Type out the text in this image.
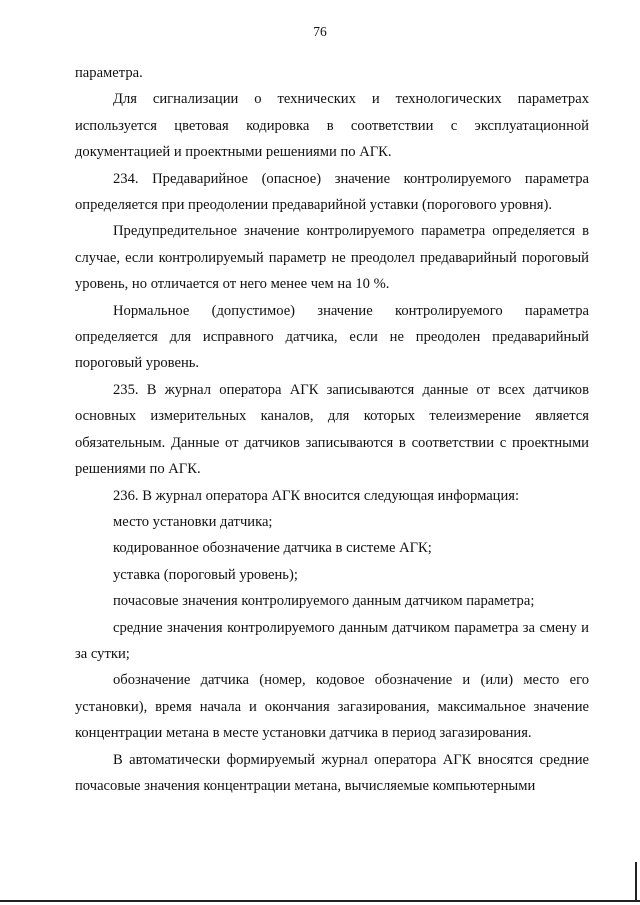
76

параметра.

Для сигнализации о технических и технологических параметрах используется цветовая кодировка в соответствии с эксплуатационной документацией и проектными решениями по АГК.

234. Предаварийное (опасное) значение контролируемого параметра определяется при преодолении предаварийной уставки (порогового уровня).

Предупредительное значение контролируемого параметра определяется в случае, если контролируемый параметр не преодолел предаварийный пороговый уровень, но отличается от него менее чем на 10 %.

Нормальное (допустимое) значение контролируемого параметра определяется для исправного датчика, если не преодолен предаварийный пороговый уровень.

235. В журнал оператора АГК записываются данные от всех датчиков основных измерительных каналов, для которых телеизмерение является обязательным. Данные от датчиков записываются в соответствии с проектными решениями по АГК.

236. В журнал оператора АГК вносится следующая информация:

место установки датчика;

кодированное обозначение датчика в системе АГК;

уставка (пороговый уровень);

почасовые значения контролируемого данным датчиком параметра;

средние значения контролируемого данным датчиком параметра за смену и за сутки;

обозначение датчика (номер, кодовое обозначение и (или) место его установки), время начала и окончания загазирования, максимальное значение концентрации метана в месте установки датчика в период загазирования.

В автоматически формируемый журнал оператора АГК вносятся средние почасовые значения концентрации метана, вычисляемые компьютерными
